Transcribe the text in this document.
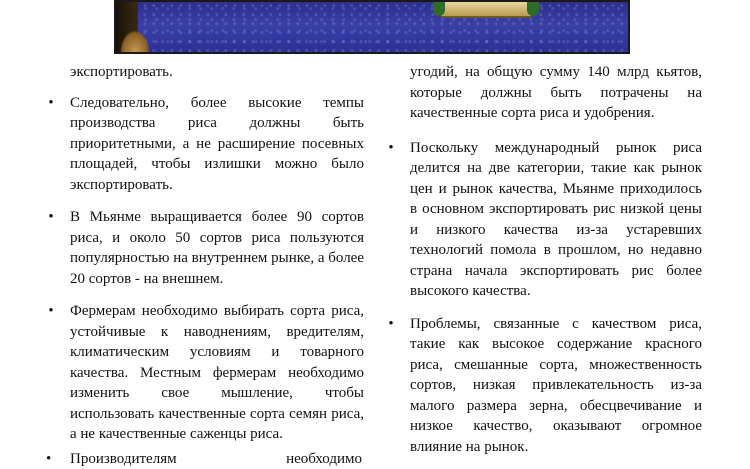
экспортировать.
• Следовательно, более высокие темпы производства риса должны быть приоритетными, а не расширение посевных площадей, чтобы излишки можно было экспортировать.
• В Мьянме выращивается более 90 сортов риса, и около 50 сортов риса пользуются популярностью на внутреннем рынке, а более 20 сортов - на внешнем.
• Фермерам необходимо выбирать сорта риса, устойчивые к наводнениям, вредителям, климатическим условиям и товарного качества. Местным фермерам необходимо изменить свое мышление, чтобы использовать качественные сорта семян риса, а не качественные саженцы риса.
• Производителям	необходимо
угодий, на общую сумму 140 млрд кьятов, которые должны быть потрачены на качественные сорта риса и удобрения.
• Поскольку международный рынок риса делится на две категории, такие как рынок цен и рынок качества, Мьянме приходилось в основном экспортировать рис низкой цены и низкого качества из-за устаревших технологий помола в прошлом, но недавно страна начала экспортировать рис более высокого качества.
• Проблемы, связанные с качеством риса, такие как высокое содержание красного риса, смешанные сорта, множественность сортов, низкая привлекательность из-за малого размера зерна, обесцвечивание и низкое качество, оказывают огромное влияние на рынок.
